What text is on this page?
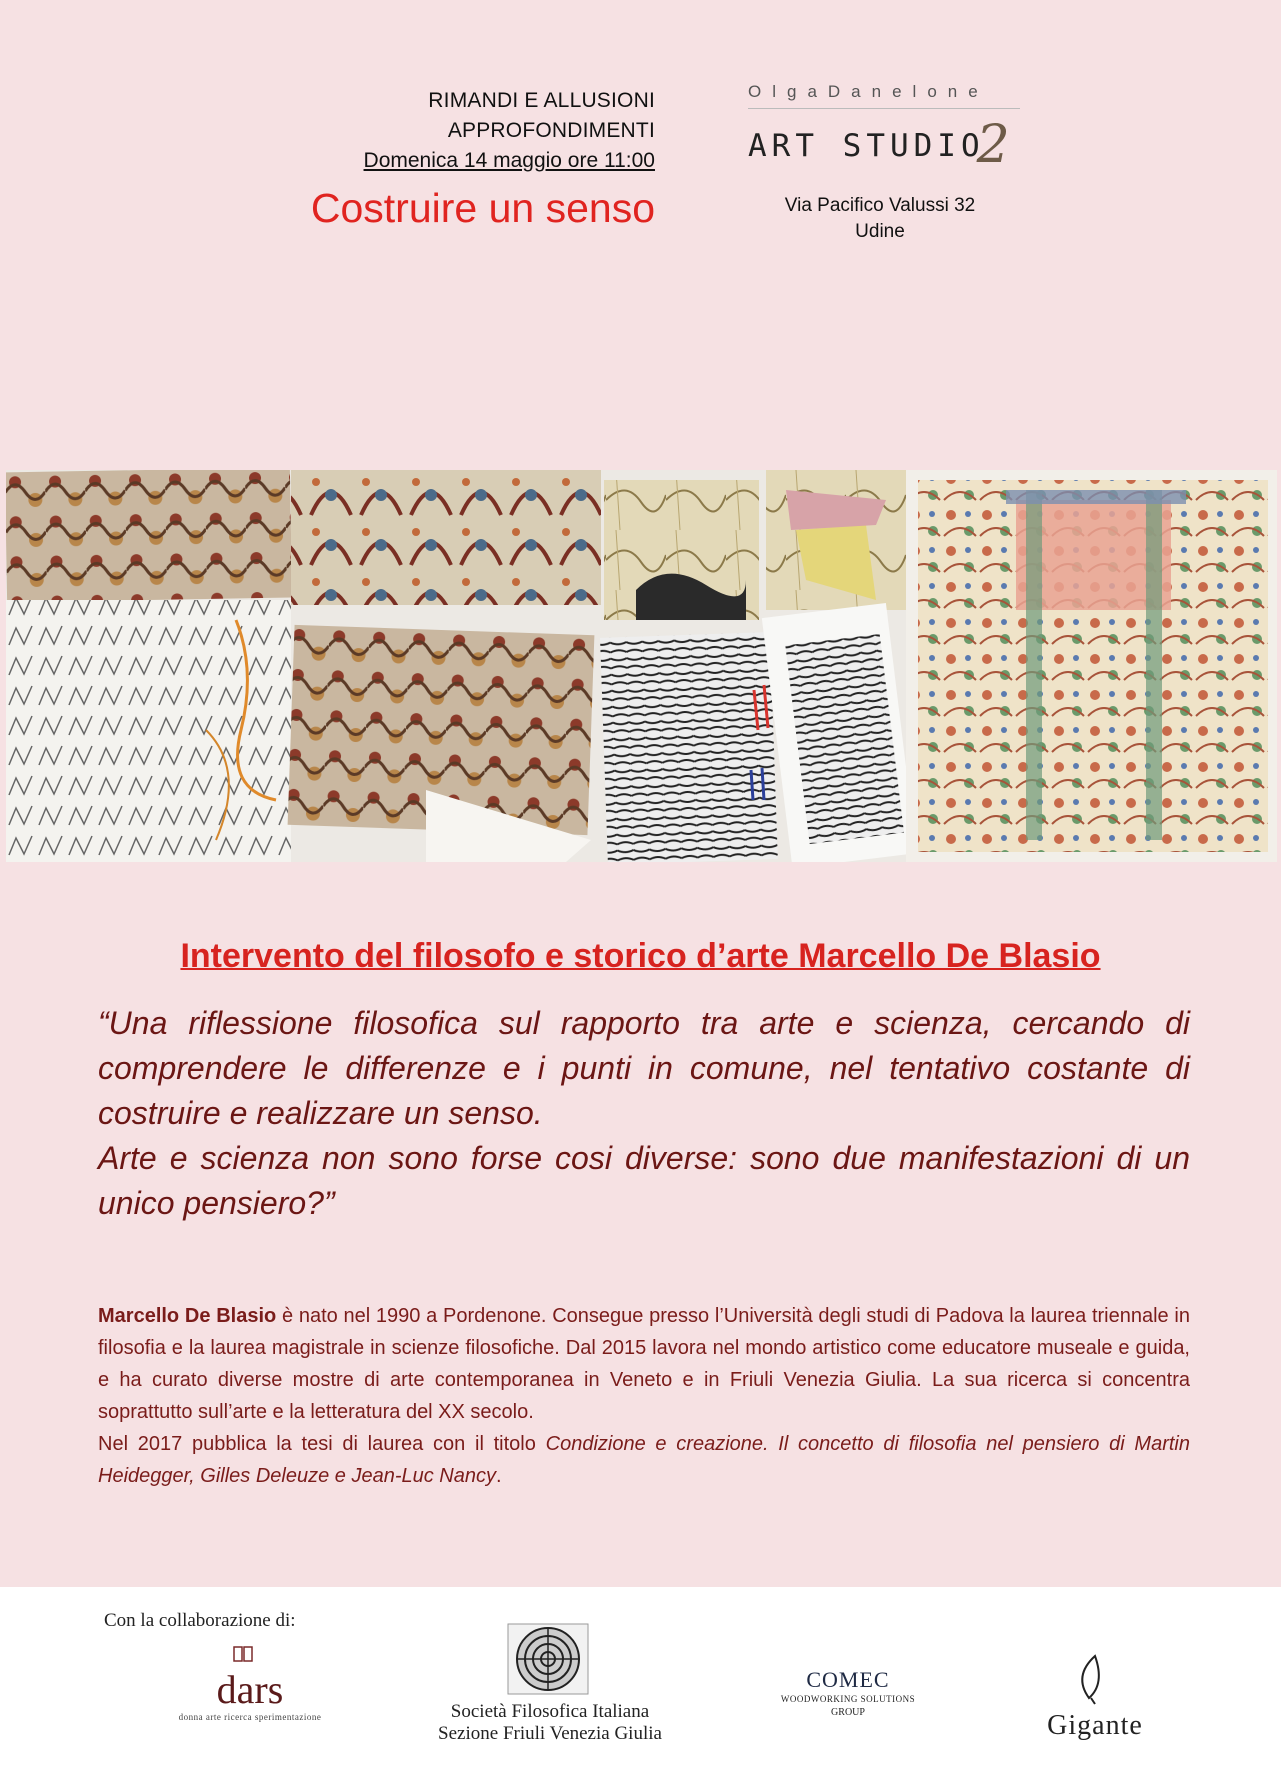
RIMANDI E ALLUSIONI
APPROFONDIMENTI
Domenica 14 maggio ore 11:00
Costruire un senso
OlgaDanelone
ART STUDIO2
Via Pacifico Valussi 32
Udine
Intervento del filosofo e storico d’arte Marcello De Blasio

“Una riflessione filosofica sul rapporto tra arte e scienza, cercando di comprendere le differenze e i punti in comune, nel tentativo costante di costruire e realizzare un senso.

Arte e scienza non sono forse cosi diverse: sono due manifestazioni di un unico pensiero?”

Marcello De Blasio è nato nel 1990 a Pordenone. Consegue presso l’Università degli studi di Padova la laurea triennale in filosofia e la laurea magistrale in scienze filosofiche. Dal 2015 lavora nel mondo artistico come educatore museale e guida, e ha curato diverse mostre di arte contemporanea in Veneto e in Friuli Venezia Giulia. La sua ricerca si concentra soprattutto sull’arte e la letteratura del XX secolo.

Nel 2017 pubblica la tesi di laurea con il titolo Condizione e creazione. Il concetto di filosofia nel pensiero di Martin Heidegger, Gilles Deleuze e Jean-Luc Nancy.

Con la collaborazione di:
dars
donna arte ricerca sperimentazione	Società Filosofica Italiana
Sezione Friuli Venezia Giulia
COMEC
WOODWORKING SOLUTIONS
GROUP	Gigante
